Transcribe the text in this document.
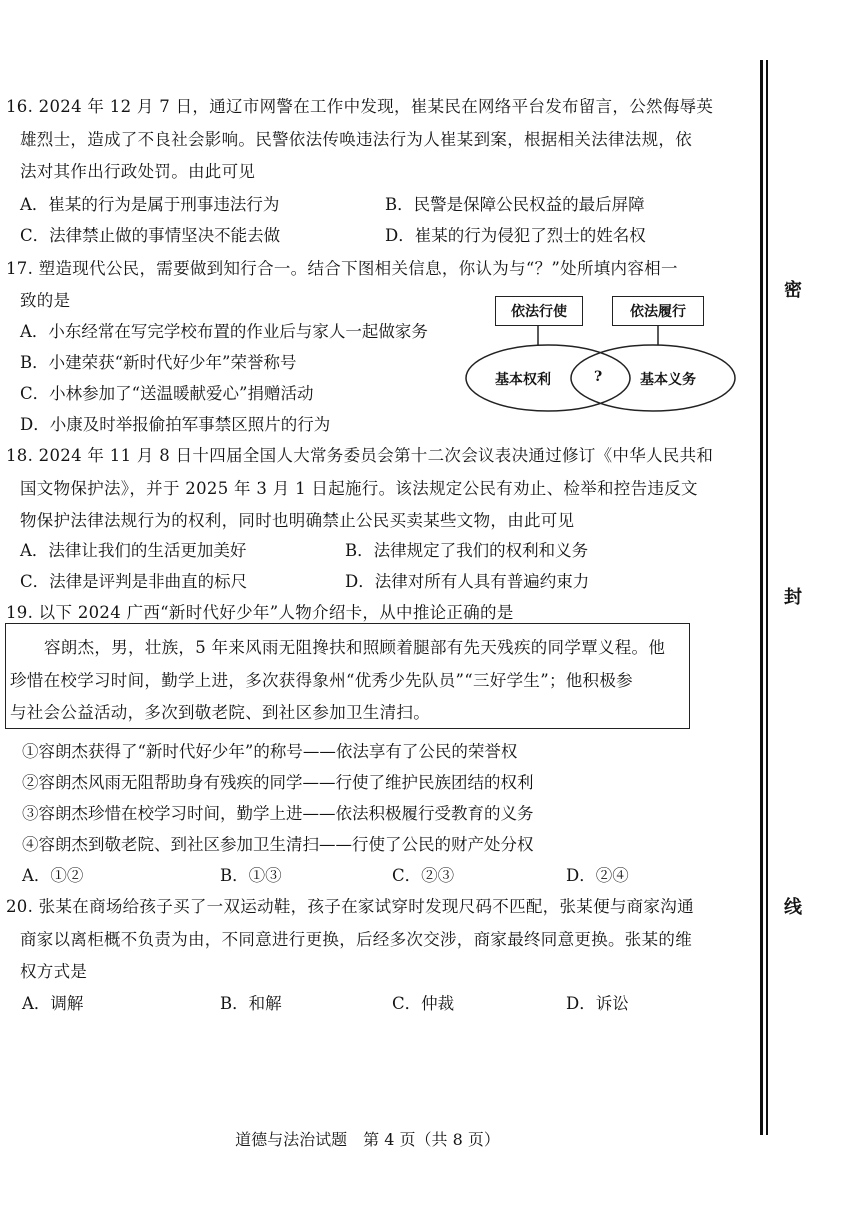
16. 2024 年 12 月 7 日，通辽市网警在工作中发现，崔某民在网络平台发布留言，公然侮辱英
雄烈士，造成了不良社会影响。民警依法传唤违法行为人崔某到案，根据相关法律法规，依
法对其作出行政处罚。由此可见
A．崔某的行为是属于刑事违法行为	B．民警是保障公民权益的最后屏障
C．法律禁止做的事情坚决不能去做	D．崔某的行为侵犯了烈士的姓名权
17. 塑造现代公民，需要做到知行合一。结合下图相关信息，你认为与“？”处所填内容相一
致的是
A．小东经常在写完学校布置的作业后与家人一起做家务
B．小建荣获“新时代好少年”荣誉称号
C．小林参加了“送温暖献爱心”捐赠活动
D．小康及时举报偷拍军事禁区照片的行为
依法行使	依法履行
基本权利	?	基本义务
18. 2024 年 11 月 8 日十四届全国人大常务委员会第十二次会议表决通过修订《中华人民共和
国文物保护法》，并于 2025 年 3 月 1 日起施行。该法规定公民有劝止、检举和控告违反文
物保护法律法规行为的权利，同时也明确禁止公民买卖某些文物，由此可见
A．法律让我们的生活更加美好	B．法律规定了我们的权利和义务
C．法律是评判是非曲直的标尺	D．法律对所有人具有普遍约束力
19. 以下 2024 广西“新时代好少年”人物介绍卡，从中推论正确的是
容朗杰，男，壮族，5 年来风雨无阻搀扶和照顾着腿部有先天残疾的同学覃义程。他
珍惜在校学习时间，勤学上进，多次获得象州“优秀少先队员”“三好学生”；他积极参
与社会公益活动，多次到敬老院、到社区参加卫生清扫。
①容朗杰获得了“新时代好少年”的称号——依法享有了公民的荣誉权
②容朗杰风雨无阻帮助身有残疾的同学——行使了维护民族团结的权利
③容朗杰珍惜在校学习时间，勤学上进——依法积极履行受教育的义务
④容朗杰到敬老院、到社区参加卫生清扫——行使了公民的财产处分权
A．①②	B．①③	C．②③	D．②④
20. 张某在商场给孩子买了一双运动鞋，孩子在家试穿时发现尺码不匹配，张某便与商家沟通
商家以离柜概不负责为由，不同意进行更换，后经多次交涉，商家最终同意更换。张某的维
权方式是
A．调解	B．和解	C．仲裁	D．诉讼
密
封
线
道德与法治试题　第 4 页（共 8 页）
